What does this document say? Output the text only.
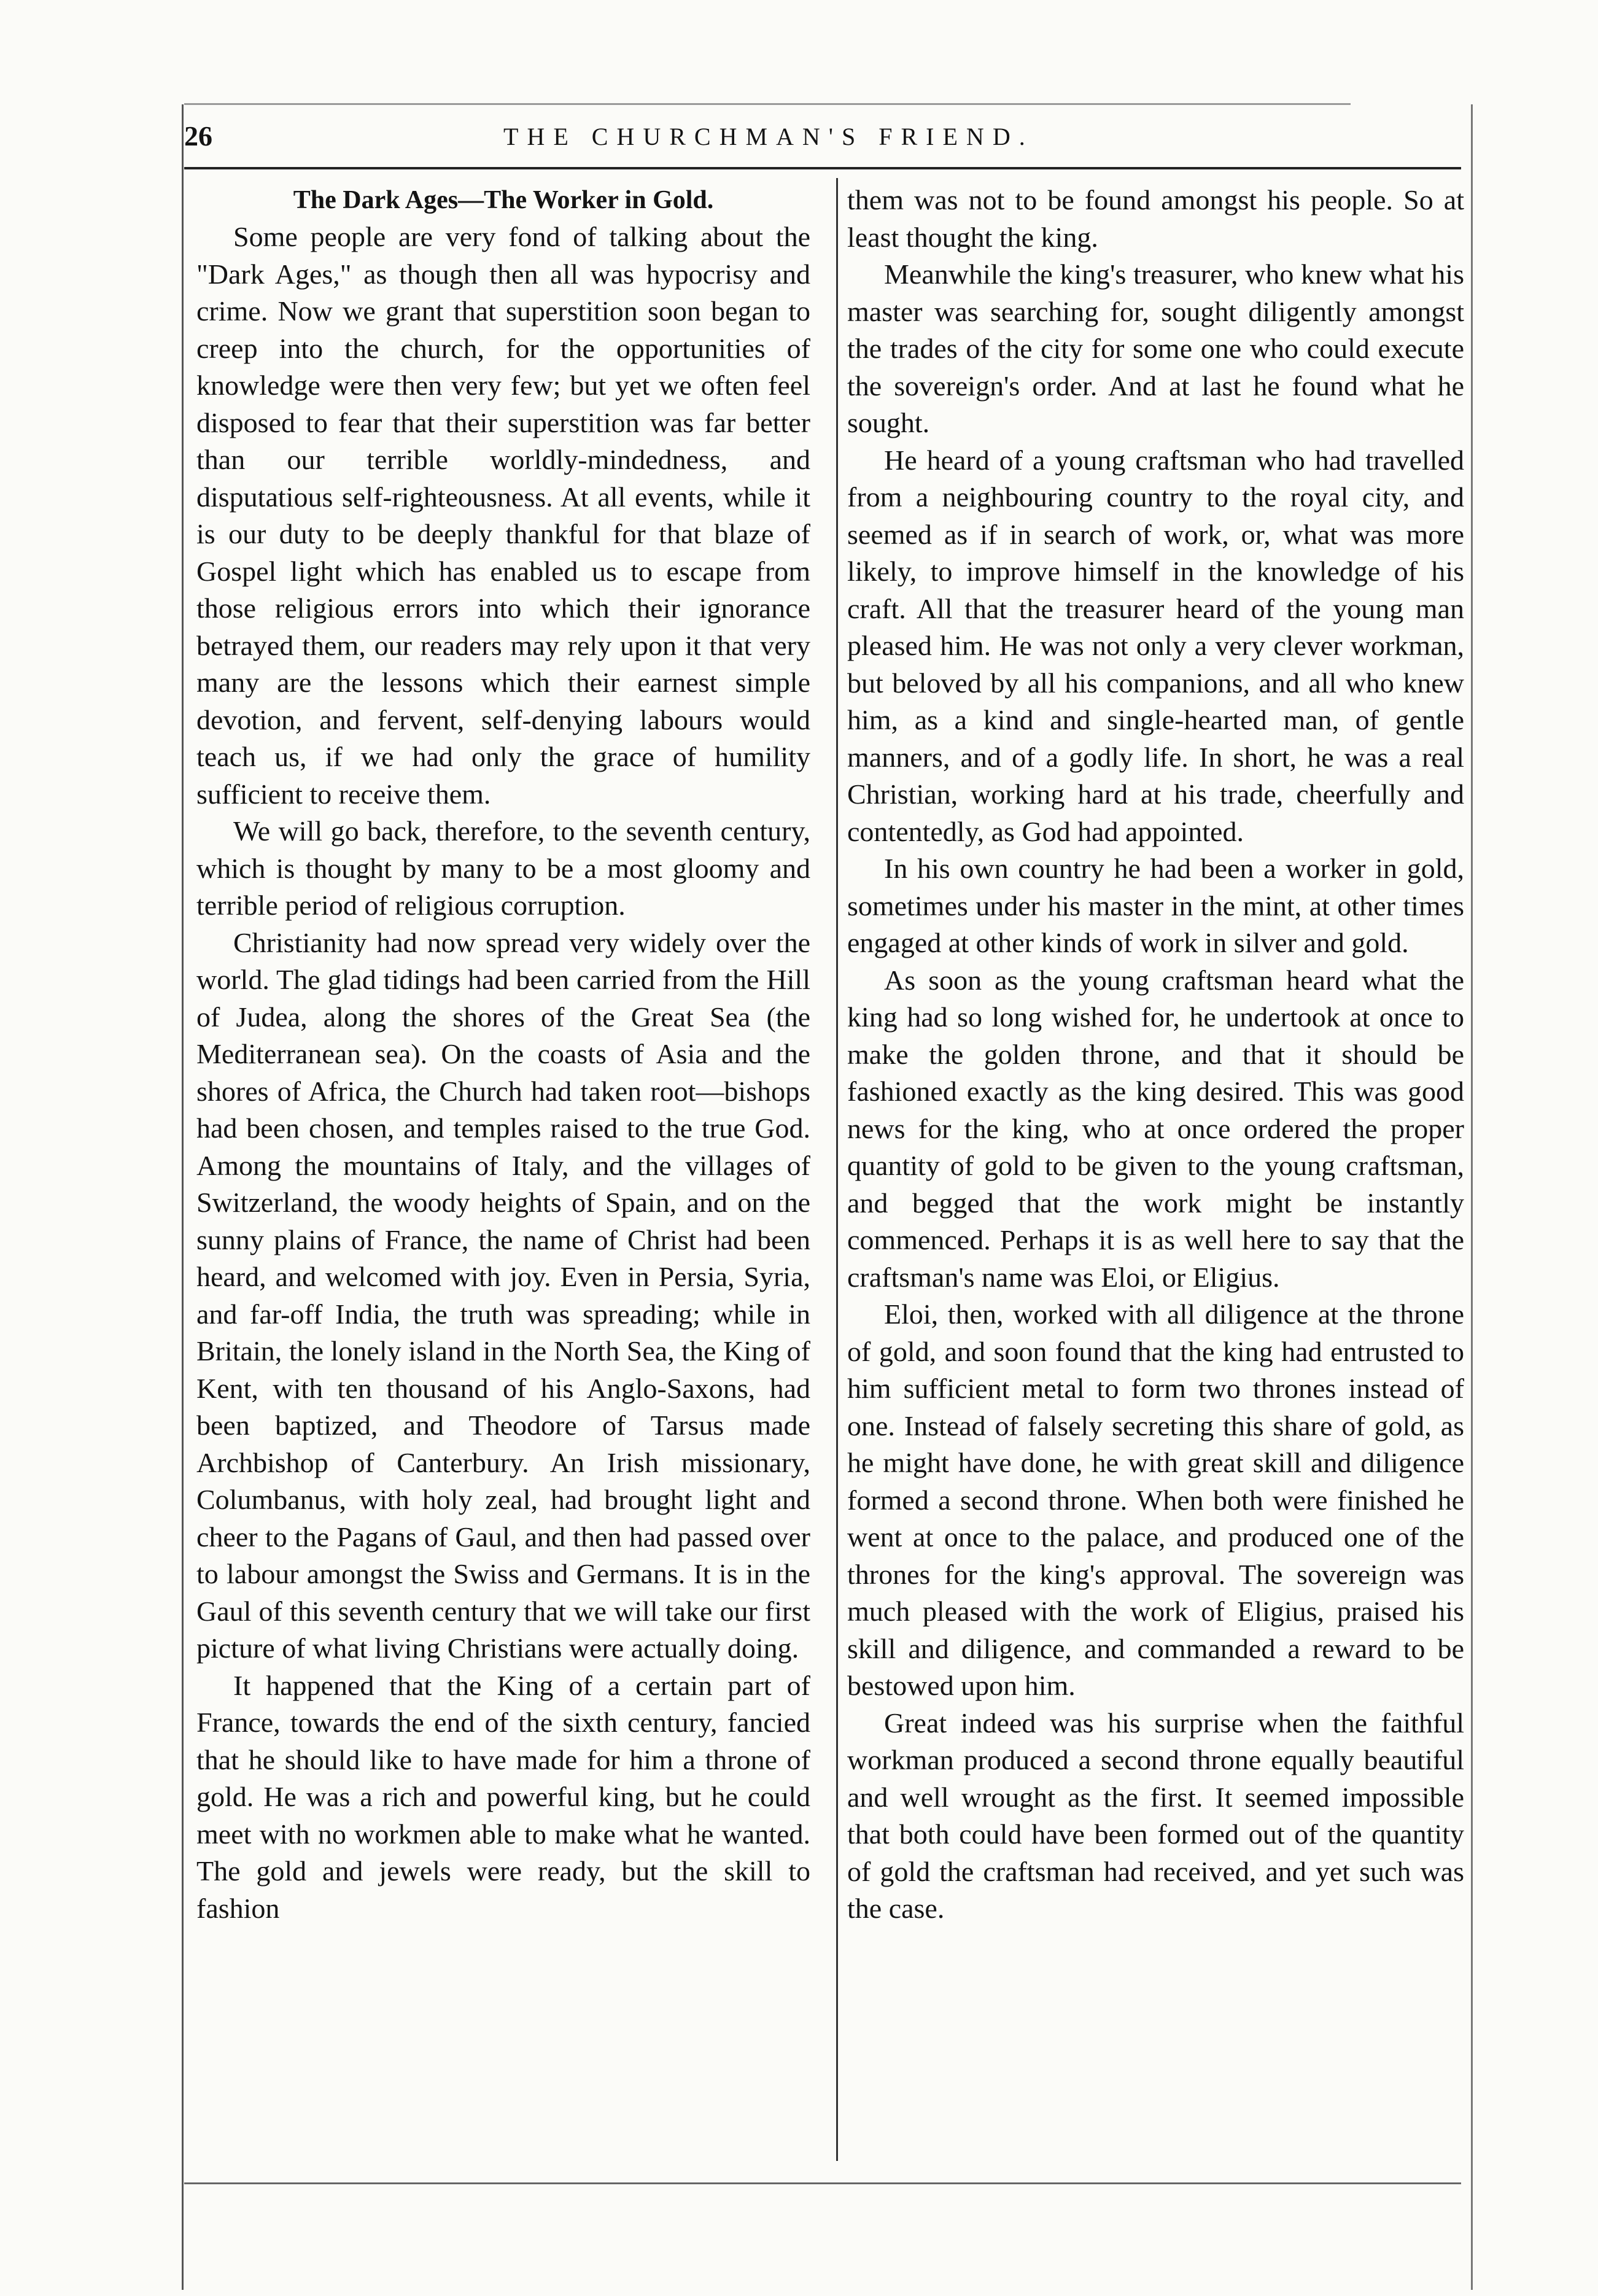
26	THE CHURCHMAN'S FRIEND.
The Dark Ages—The Worker in Gold.

Some people are very fond of talking about the "Dark Ages," as though then all was hypocrisy and crime. Now we grant that superstition soon began to creep into the church, for the opportunities of knowledge were then very few; but yet we often feel disposed to fear that their superstition was far better than our terrible worldly-mindedness, and disputatious self-righteousness. At all events, while it is our duty to be deeply thankful for that blaze of Gospel light which has enabled us to escape from those religious errors into which their ignorance betrayed them, our readers may rely upon it that very many are the lessons which their earnest simple devotion, and fervent, self-denying labours would teach us, if we had only the grace of humility sufficient to receive them.

We will go back, therefore, to the seventh century, which is thought by many to be a most gloomy and terrible period of religious corruption.

Christianity had now spread very widely over the world. The glad tidings had been carried from the Hill of Judea, along the shores of the Great Sea (the Mediterranean sea). On the coasts of Asia and the shores of Africa, the Church had taken root—bishops had been chosen, and temples raised to the true God. Among the mountains of Italy, and the villages of Switzerland, the woody heights of Spain, and on the sunny plains of France, the name of Christ had been heard, and welcomed with joy. Even in Persia, Syria, and far-off India, the truth was spreading; while in Britain, the lonely island in the North Sea, the King of Kent, with ten thousand of his Anglo-Saxons, had been baptized, and Theodore of Tarsus made Archbishop of Canterbury. An Irish missionary, Columbanus, with holy zeal, had brought light and cheer to the Pagans of Gaul, and then had passed over to labour amongst the Swiss and Germans. It is in the Gaul of this seventh century that we will take our first picture of what living Christians were actually doing.

It happened that the King of a certain part of France, towards the end of the sixth century, fancied that he should like to have made for him a throne of gold. He was a rich and powerful king, but he could meet with no workmen able to make what he wanted. The gold and jewels were ready, but the skill to fashion

them was not to be found amongst his people. So at least thought the king.

Meanwhile the king's treasurer, who knew what his master was searching for, sought diligently amongst the trades of the city for some one who could execute the sovereign's order. And at last he found what he sought.

He heard of a young craftsman who had travelled from a neighbouring country to the royal city, and seemed as if in search of work, or, what was more likely, to improve himself in the knowledge of his craft. All that the treasurer heard of the young man pleased him. He was not only a very clever workman, but beloved by all his companions, and all who knew him, as a kind and single-hearted man, of gentle manners, and of a godly life. In short, he was a real Christian, working hard at his trade, cheerfully and contentedly, as God had appointed.

In his own country he had been a worker in gold, sometimes under his master in the mint, at other times engaged at other kinds of work in silver and gold.

As soon as the young craftsman heard what the king had so long wished for, he undertook at once to make the golden throne, and that it should be fashioned exactly as the king desired. This was good news for the king, who at once ordered the proper quantity of gold to be given to the young craftsman, and begged that the work might be instantly commenced. Perhaps it is as well here to say that the craftsman's name was Eloi, or Eligius.

Eloi, then, worked with all diligence at the throne of gold, and soon found that the king had entrusted to him sufficient metal to form two thrones instead of one. Instead of falsely secreting this share of gold, as he might have done, he with great skill and diligence formed a second throne. When both were finished he went at once to the palace, and produced one of the thrones for the king's approval. The sovereign was much pleased with the work of Eligius, praised his skill and diligence, and commanded a reward to be bestowed upon him.

Great indeed was his surprise when the faithful workman produced a second throne equally beautiful and well wrought as the first. It seemed impossible that both could have been formed out of the quantity of gold the craftsman had received, and yet such was the case.
